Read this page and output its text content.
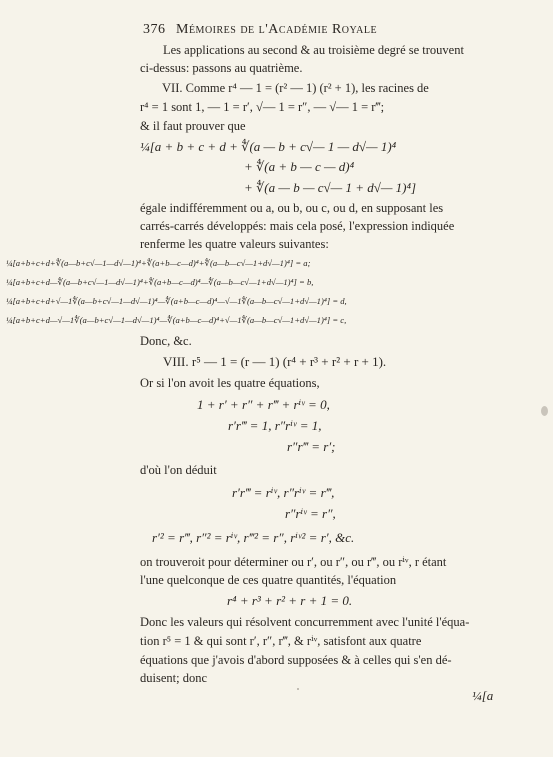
376 Mémoires de l'Académie Royale
Les applications au second & au troisième degré se trouvent
ci-dessus: passons au quatrième.
VII. Comme r⁴ — 1 = (r² — 1) (r² + 1), les racines de
r⁴ = 1 sont 1, — 1 = r′, √— 1 = r″, — √— 1 = r‴;
& il faut prouver que
¼[a + b + c + d + ∜(a — b + c√— 1 — d√— 1)⁴
+ ∜(a + b — c — d)⁴
+ ∜(a — b — c√— 1 + d√— 1)⁴]
égale indifféremment ou a, ou b, ou c, ou d, en supposant les
carrés-carrés développés: mais cela posé, l'expression indiquée
renferme les quatre valeurs suivantes:
¼[a+b+c+d+∜(a—b+c√—1—d√—1)⁴+∜(a+b—c—d)⁴+∜(a—b—c√—1+d√—1)⁴] = a;
¼[a+b+c+d—∜(a—b+c√—1—d√—1)⁴+∜(a+b—c—d)⁴—∜(a—b—c√—1+d√—1)⁴] = b,
¼[a+b+c+d+√—1∜(a—b+c√—1—d√—1)⁴—∜(a+b—c—d)⁴—√—1∜(a—b—c√—1+d√—1)⁴] = d,
¼[a+b+c+d—√—1∜(a—b+c√—1—d√—1)⁴—∜(a+b—c—d)⁴+√—1∜(a—b—c√—1+d√—1)⁴] = c,
Donc, &c.
VIII. r⁵ — 1 = (r — 1) (r⁴ + r³ + r² + r + 1).
Or si l'on avoit les quatre équations,
1 + r′ + r″ + r‴ + rⁱᵛ = 0,
r′r‴ = 1, r″rⁱᵛ = 1,
r″r‴ = r′;
d'où l'on déduit
r′r‴ = rⁱᵛ, r″rⁱᵛ = r‴,
r″rⁱᵛ = r″,
r′² = r‴, r″² = rⁱᵛ, r‴² = r″, rⁱᵛ² = r′, &c.
on trouveroit pour déterminer ou r′, ou r″, ou r‴, ou rⁱᵛ, r étant
l'une quelconque de ces quatre quantités, l'équation
r⁴ + r³ + r² + r + 1 = 0.
Donc les valeurs qui résolvent concurremment avec l'unité l'équa-
tion r⁵ = 1 & qui sont r′, r″, r‴, & rⁱᵛ, satisfont aux quatre
équations que j'avois d'abord supposées & à celles qui s'en dé-
duisent; donc
¼[a
